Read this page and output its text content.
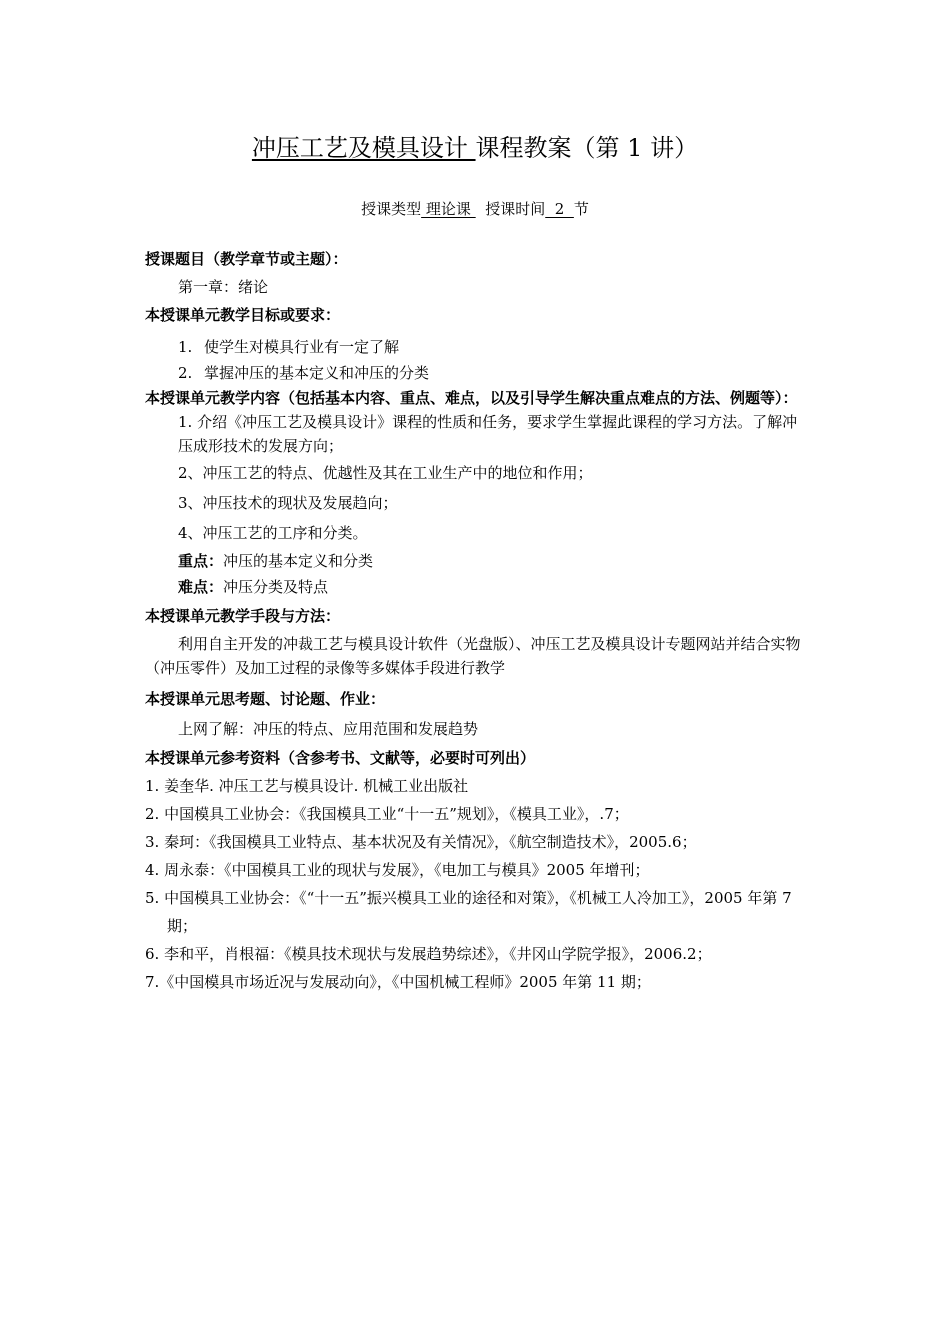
冲压工艺及模具设计 课程教案（第 1 讲）
授课类型 理论课   授课时间  2  节

授课题目（教学章节或主题）：

第一章：绪论

本授课单元教学目标或要求：

1. 使学生对模具行业有一定了解

2. 掌握冲压的基本定义和冲压的分类

本授课单元教学内容（包括基本内容、重点、难点，以及引导学生解决重点难点的方法、例题等）：

1. 介绍《冲压工艺及模具设计》课程的性质和任务，要求学生掌握此课程的学习方法。了解冲压成形技术的发展方向；

2、冲压工艺的特点、优越性及其在工业生产中的地位和作用；

3、冲压技术的现状及发展趋向；

4、冲压工艺的工序和分类。

重点：冲压的基本定义和分类

难点：冲压分类及特点

本授课单元教学手段与方法：

利用自主开发的冲裁工艺与模具设计软件（光盘版）、冲压工艺及模具设计专题网站并结合实物（冲压零件）及加工过程的录像等多媒体手段进行教学

本授课单元思考题、讨论题、作业：

上网了解：冲压的特点、应用范围和发展趋势

本授课单元参考资料（含参考书、文献等，必要时可列出）

1. 姜奎华. 冲压工艺与模具设计. 机械工业出版社

2. 中国模具工业协会：《我国模具工业“十一五”规划》，《模具工业》，.7；

3. 秦珂：《我国模具工业特点、基本状况及有关情况》，《航空制造技术》，2005.6；

4. 周永泰：《中国模具工业的现状与发展》，《电加工与模具》2005 年增刊；

5. 中国模具工业协会：《“十一五”振兴模具工业的途径和对策》，《机械工人冷加工》，2005 年第 7 期；

6. 李和平，肖根福：《模具技术现状与发展趋势综述》，《井冈山学院学报》，2006.2；

7.《中国模具市场近况与发展动向》，《中国机械工程师》2005 年第 11 期；
